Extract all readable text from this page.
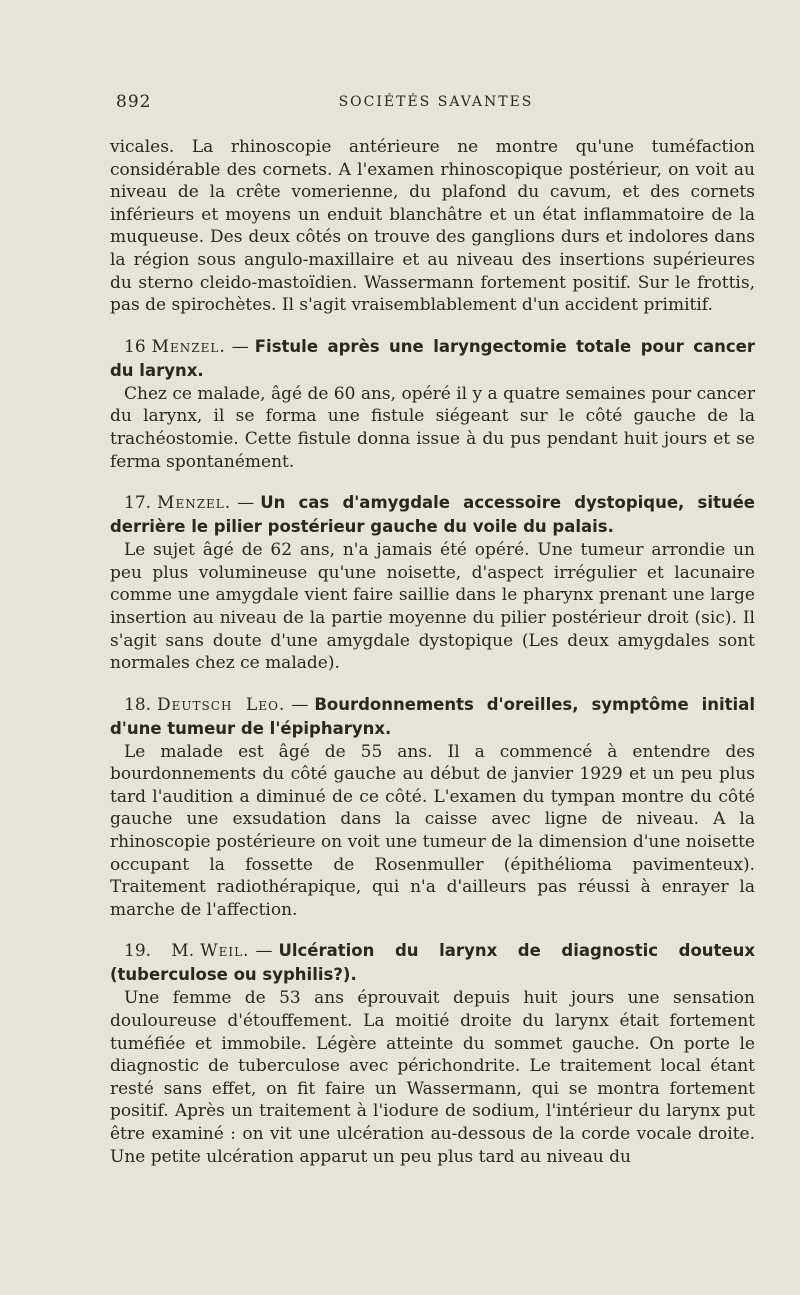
892	SOCIÉTÉS SAVANTES

vicales. La rhinoscopie antérieure ne montre qu'une tuméfaction considérable des cornets. A l'examen rhinoscopique postérieur, on voit au niveau de la crête vomerienne, du plafond du cavum, et des cornets inférieurs et moyens un enduit blanchâtre et un état inflammatoire de la muqueuse. Des deux côtés on trouve des ganglions durs et indolores dans la région sous angulo-maxillaire et au niveau des insertions supérieures du sterno cleido-mastoïdien. Wassermann fortement positif. Sur le frottis, pas de spirochètes. Il s'agit vraisemblablement d'un accident primitif.

16 Menzel. — Fistule après une laryngectomie totale pour cancer du larynx.

Chez ce malade, âgé de 60 ans, opéré il y a quatre semaines pour cancer du larynx, il se forma une fistule siégeant sur le côté gauche de la trachéostomie. Cette fistule donna issue à du pus pendant huit jours et se ferma spontanément.

17. Menzel. — Un cas d'amygdale accessoire dystopique, située derrière le pilier postérieur gauche du voile du palais.

Le sujet âgé de 62 ans, n'a jamais été opéré. Une tumeur arrondie un peu plus volumineuse qu'une noisette, d'aspect irrégulier et lacunaire comme une amygdale vient faire saillie dans le pharynx prenant une large insertion au niveau de la partie moyenne du pilier postérieur droit (sic). Il s'agit sans doute d'une amygdale dystopique (Les deux amygdales sont normales chez ce malade).

18. Deutsch Leo. — Bourdonnements d'oreilles, symptôme initial d'une tumeur de l'épipharynx.

Le malade est âgé de 55 ans. Il a commencé à entendre des bourdonnements du côté gauche au début de janvier 1929 et un peu plus tard l'audition a diminué de ce côté. L'examen du tympan montre du côté gauche une exsudation dans la caisse avec ligne de niveau. A la rhinoscopie postérieure on voit une tumeur de la dimension d'une noisette occupant la fossette de Rosenmuller (épithélioma pavimenteux). Traitement radiothérapique, qui n'a d'ailleurs pas réussi à enrayer la marche de l'affection.

19. M. Weil. — Ulcération du larynx de diagnostic douteux (tuberculose ou syphilis?).

Une femme de 53 ans éprouvait depuis huit jours une sensation douloureuse d'étouffement. La moitié droite du larynx était fortement tuméfiée et immobile. Légère atteinte du sommet gauche. On porte le diagnostic de tuberculose avec périchondrite. Le traitement local étant resté sans effet, on fit faire un Wassermann, qui se montra fortement positif. Après un traitement à l'iodure de sodium, l'intérieur du larynx put être examiné : on vit une ulcération au-dessous de la corde vocale droite. Une petite ulcération apparut un peu plus tard au niveau du
